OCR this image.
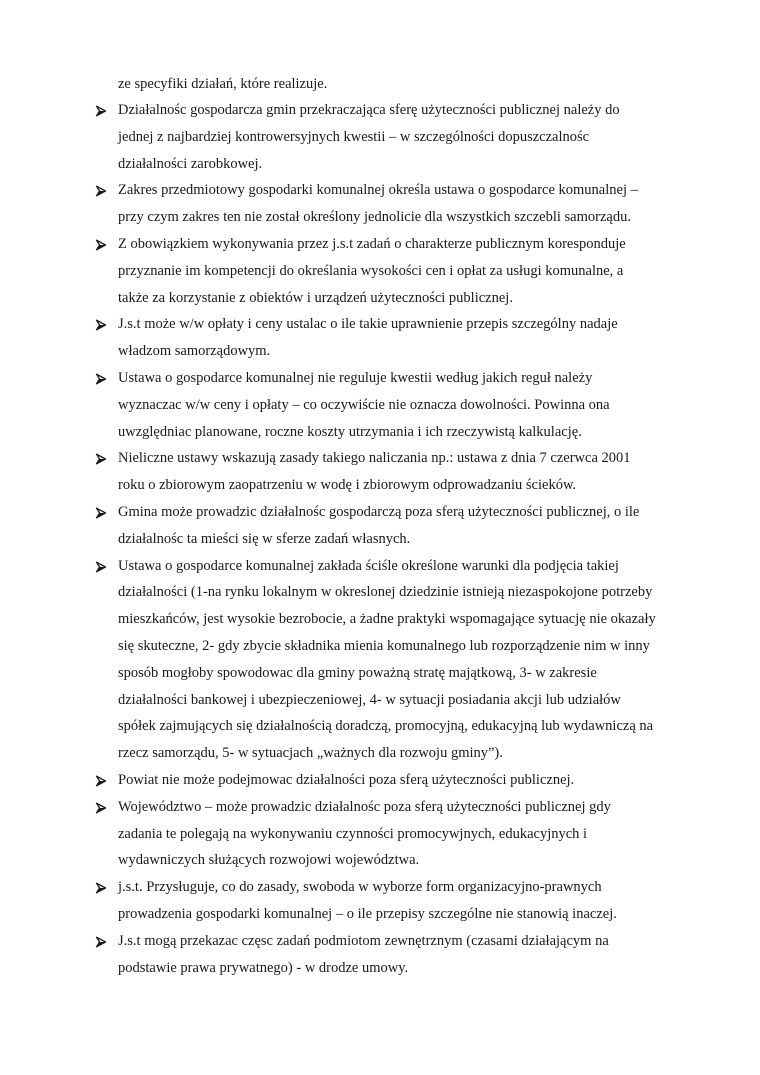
ze specyfiki działań, które realizuje.

Działalnośc gospodarcza gmin przekraczająca sferę użyteczności publicznej należy do
jednej z najbardziej kontrowersyjnych kwestii – w szczególności dopuszczalnośc
działalności zarobkowej.
Zakres przedmiotowy gospodarki komunalnej określa ustawa o gospodarce komunalnej –
przy czym zakres ten nie został określony jednolicie dla wszystkich szczebli samorządu.
Z obowiązkiem wykonywania przez j.s.t zadań o charakterze publicznym koresponduje
przyznanie im kompetencji do określania wysokości cen i opłat za usługi komunalne, a
także za korzystanie z obiektów i urządzeń użyteczności publicznej.
J.s.t może w/w opłaty i ceny ustalac o ile takie uprawnienie przepis szczególny nadaje
władzom samorządowym.
Ustawa o gospodarce komunalnej nie reguluje kwestii według jakich reguł należy
wyznaczac w/w ceny i opłaty – co oczywiście nie oznacza dowolności. Powinna ona
uwzględniac planowane, roczne koszty utrzymania i ich rzeczywistą kalkulację.
Nieliczne ustawy wskazują zasady takiego naliczania np.: ustawa z dnia 7 czerwca 2001
roku o zbiorowym zaopatrzeniu w wodę i zbiorowym odprowadzaniu ścieków.
Gmina może prowadzic działalnośc gospodarczą poza sferą użyteczności publicznej, o ile
działalnośc ta mieści się w sferze zadań własnych.
Ustawa o gospodarce komunalnej zakłada ściśle określone warunki dla podjęcia takiej
działalności (1-na rynku lokalnym w okreslonej dziedzinie istnieją niezaspokojone potrzeby
mieszkańców, jest wysokie bezrobocie, a żadne praktyki wspomagające sytuację nie okazały
się skuteczne, 2- gdy zbycie składnika mienia komunalnego lub rozporządzenie nim w inny
sposób mogłoby spowodowac dla gminy poważną stratę majątkową, 3- w zakresie
działalności bankowej i ubezpieczeniowej, 4- w sytuacji posiadania akcji lub udziałów
spółek zajmujących się działalnością doradczą, promocyjną, edukacyjną lub wydawniczą na
rzecz samorządu, 5- w sytuacjach „ważnych dla rozwoju gminy”).
Powiat nie może podejmowac działalności poza sferą użyteczności publicznej.
Województwo – może prowadzic działalnośc poza sferą użyteczności publicznej gdy
zadania te polegają na wykonywaniu czynności promocywjnych, edukacyjnych i
wydawniczych służących rozwojowi województwa.
j.s.t. Przysługuje, co do zasady, swoboda w wyborze form organizacyjno-prawnych
prowadzenia gospodarki komunalnej – o ile przepisy szczególne nie stanowią inaczej.
J.s.t mogą przekazac częsc zadań podmiotom zewnętrznym (czasami działającym na
podstawie prawa prywatnego) - w drodze umowy.
